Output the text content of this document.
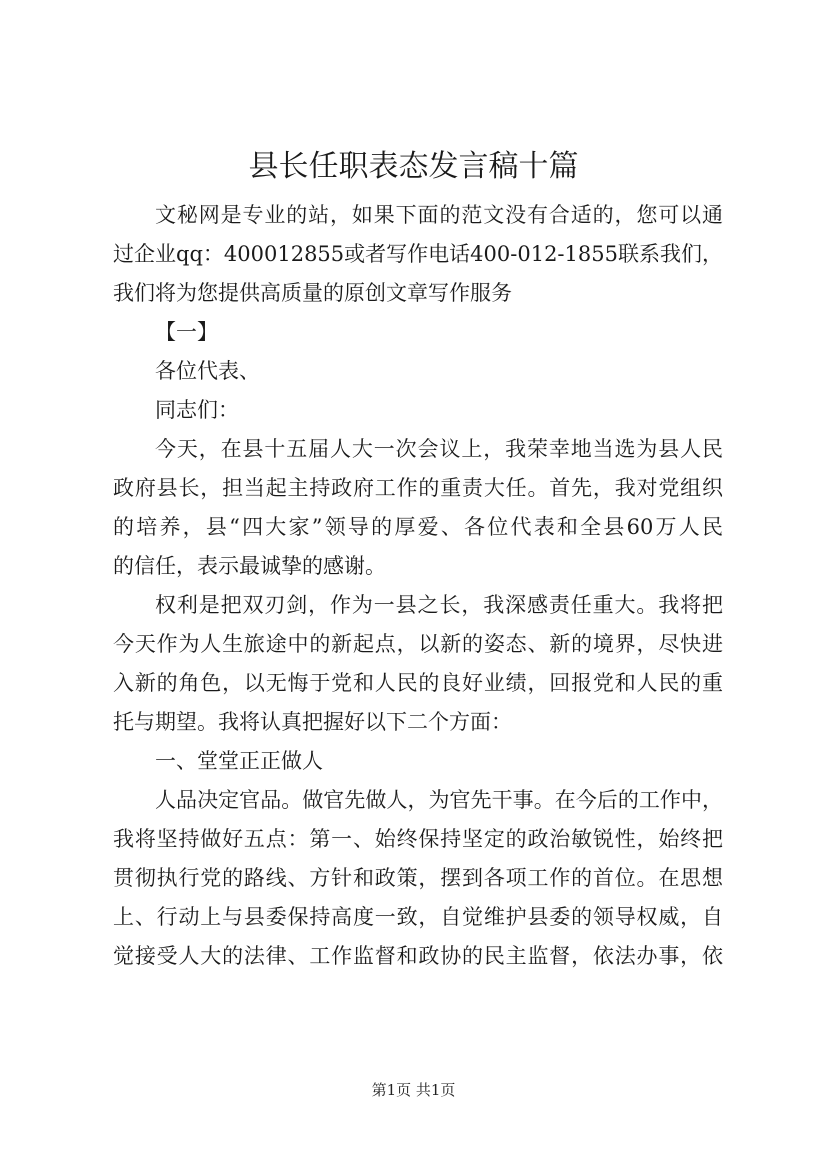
县长任职表态发言稿十篇
文秘网是专业的站，如果下面的范文没有合适的，您可以通
过企业qq：400012855或者写作电话400-012-1855联系我们，
我们将为您提供高质量的原创文章写作服务
【一】
各位代表、
同志们：
今天，在县十五届人大一次会议上，我荣幸地当选为县人民
政府县长，担当起主持政府工作的重责大任。首先，我对党组织
的培养，县“四大家”领导的厚爱、各位代表和全县60万人民
的信任，表示最诚挚的感谢。
权利是把双刃剑，作为一县之长，我深感责任重大。我将把
今天作为人生旅途中的新起点，以新的姿态、新的境界，尽快进
入新的角色，以无悔于党和人民的良好业绩，回报党和人民的重
托与期望。我将认真把握好以下二个方面：
一、堂堂正正做人
人品决定官品。做官先做人，为官先干事。在今后的工作中，
我将坚持做好五点：第一、始终保持坚定的政治敏锐性，始终把
贯彻执行党的路线、方针和政策，摆到各项工作的首位。在思想
上、行动上与县委保持高度一致，自觉维护县委的领导权威，自
觉接受人大的法律、工作监督和政协的民主监督，依法办事，依
第1页 共1页
